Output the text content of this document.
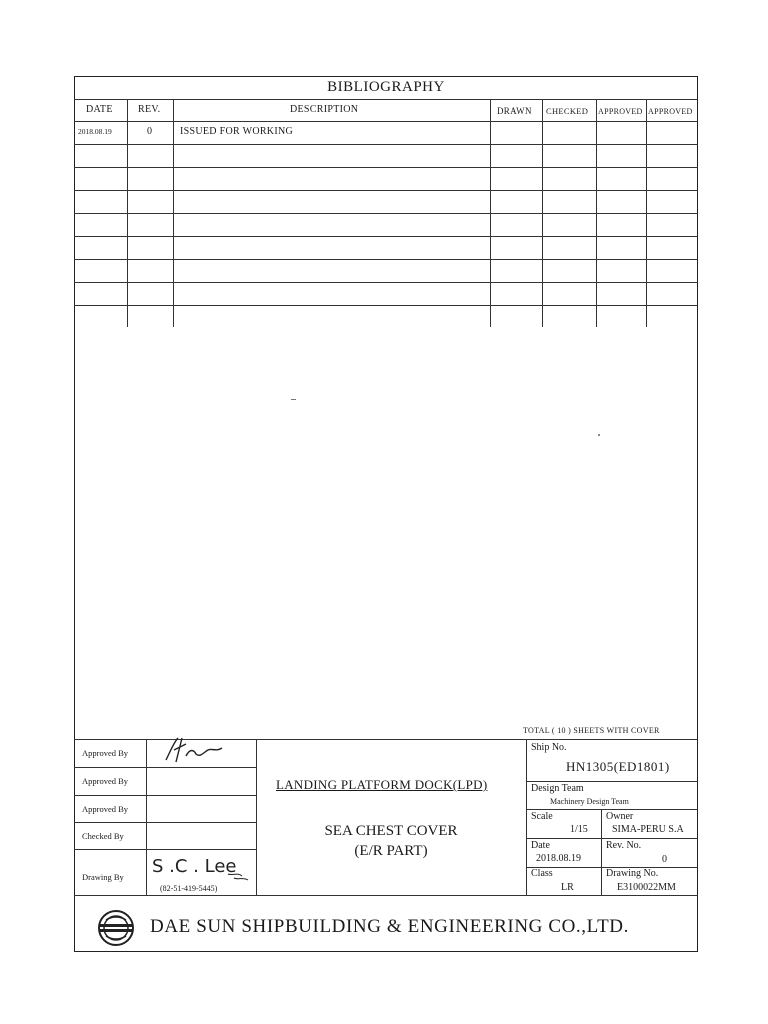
BIBLIOGRAPHY
DATE	REV.	DESCRIPTION	DRAWN CHECKED APPROVED APPROVED
2018.08.19	0	ISSUED FOR WORKING
TOTAL ( 10 ) SHEETS WITH COVER
Approved By
Approved By
Approved By
Checked By
Drawing By S .C . Lee
(82-51-419-5445)
LANDING PLATFORM DOCK(LPD)
SEA CHEST COVER
(E/R PART)
Ship No.
HN1305(ED1801)
Design Team
Machinery Design Team
Scale
1/15
Owner
SIMA-PERU S.A
Date
2018.08.19
Rev. No.
0
Class
LR
Drawing No.
E3100022MM
DAE SUN SHIPBUILDING & ENGINEERING CO.,LTD.
